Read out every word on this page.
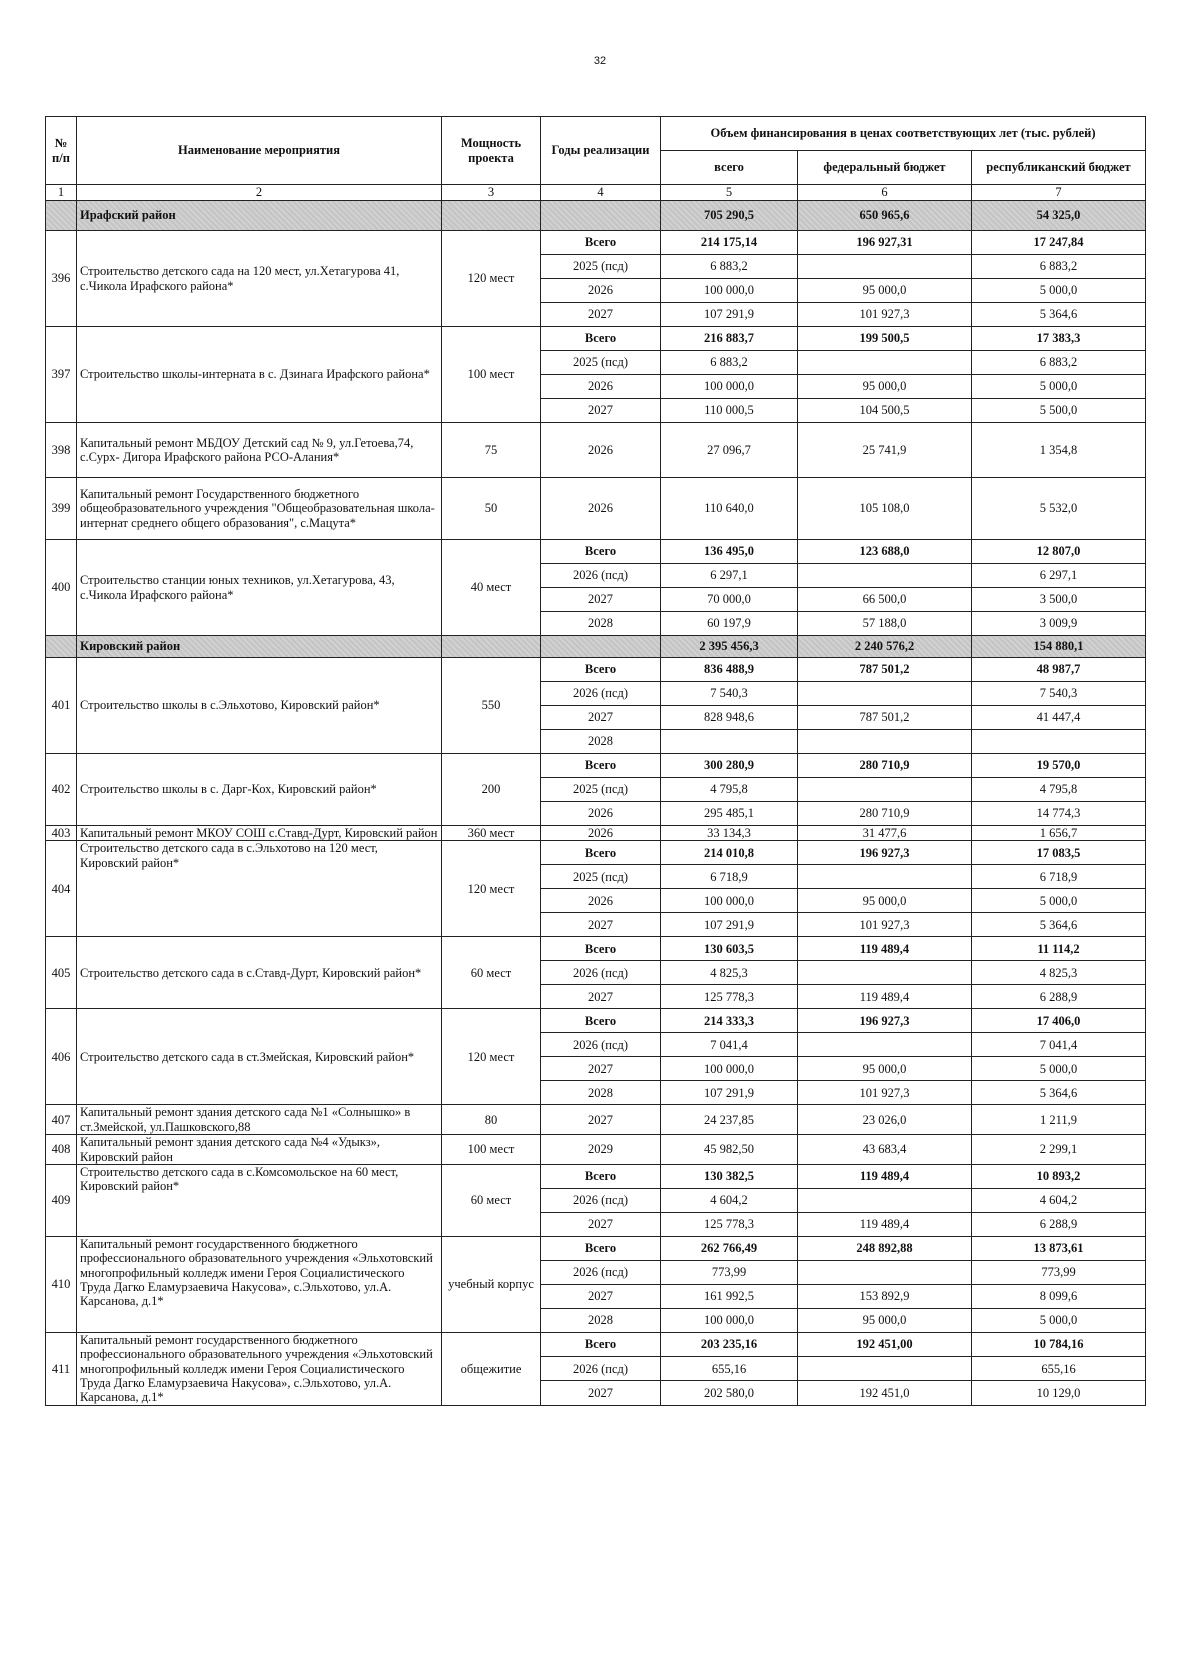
32
№ п/п	Наименование мероприятия	Мощность проекта	Годы реализации	Объем финансирования в ценах соответствующих лет (тыс. рублей)		
				всего	федеральный бюджет	республиканский бюджет
1	2	3	4	5	6	7
	Ирафский район			705 290,5	650 965,6	54 325,0
396	Строительство детского сада на 120 мест, ул.Хетагурова 41, с.Чикола Ирафского района*	120 мест	Всего	214 175,14	196 927,31	17 247,84
			2025 (псд)	6 883,2		6 883,2
			2026	100 000,0	95 000,0	5 000,0
			2027	107 291,9	101 927,3	5 364,6
397	Строительство школы-интерната в с. Дзинага Ирафского района*	100 мест	Всего	216 883,7	199 500,5	17 383,3
			2025 (псд)	6 883,2		6 883,2
			2026	100 000,0	95 000,0	5 000,0
			2027	110 000,5	104 500,5	5 500,0
398	Капитальный ремонт МБДОУ Детский сад № 9, ул.Гетоева,74, с.Сурх- Дигора Ирафского района РСО-Алания*	75	2026	27 096,7	25 741,9	1 354,8
399	Капитальный ремонт Государственного бюджетного общеобразовательного учреждения "Общеобразовательная школа-интернат среднего общего образования", с.Мацута*	50	2026	110 640,0	105 108,0	5 532,0
400	Строительство станции юных техников, ул.Хетагурова, 43, с.Чикола Ирафского района*	40 мест	Всего	136 495,0	123 688,0	12 807,0
			2026 (псд)	6 297,1		6 297,1
			2027	70 000,0	66 500,0	3 500,0
			2028	60 197,9	57 188,0	3 009,9
	Кировский район			2 395 456,3	2 240 576,2	154 880,1
401	Строительство школы в с.Эльхотово, Кировский район*	550	Всего	836 488,9	787 501,2	48 987,7
			2026 (псд)	7 540,3		7 540,3
			2027	828 948,6	787 501,2	41 447,4
			2028			
402	Строительство школы в с. Дарг-Кох, Кировский район*	200	Всего	300 280,9	280 710,9	19 570,0
			2025 (псд)	4 795,8		4 795,8
			2026	295 485,1	280 710,9	14 774,3
403	Капитальный ремонт МКОУ СОШ с.Ставд-Дурт, Кировский район	360 мест	2026	33 134,3	31 477,6	1 656,7
404	Строительство детского сада в с.Эльхотово на 120 мест, Кировский район*	120 мест	Всего	214 010,8	196 927,3	17 083,5
			2025 (псд)	6 718,9		6 718,9
			2026	100 000,0	95 000,0	5 000,0
			2027	107 291,9	101 927,3	5 364,6
405	Строительство детского сада в с.Ставд-Дурт, Кировский район*	60 мест	Всего	130 603,5	119 489,4	11 114,2
			2026 (псд)	4 825,3		4 825,3
			2027	125 778,3	119 489,4	6 288,9
406	Строительство детского сада в ст.Змейская, Кировский район*	120 мест	Всего	214 333,3	196 927,3	17 406,0
			2026 (псд)	7 041,4		7 041,4
			2027	100 000,0	95 000,0	5 000,0
			2028	107 291,9	101 927,3	5 364,6
407	Капитальный ремонт здания детского сада №1 «Солнышко» в ст.Змейской, ул.Пашковского,88	80	2027	24 237,85	23 026,0	1 211,9
408	Капитальный ремонт здания детского сада №4 «Удыкз», Кировский район	100 мест	2029	45 982,50	43 683,4	2 299,1
409	Строительство детского сада в с.Комсомольское на 60 мест, Кировский район*	60 мест	Всего	130 382,5	119 489,4	10 893,2
			2026 (псд)	4 604,2		4 604,2
			2027	125 778,3	119 489,4	6 288,9
410	Капитальный ремонт государственного бюджетного профессионального образовательного учреждения «Эльхотовский многопрофильный колледж имени Героя Социалистического Труда Дагко Еламурзаевича Накусова», с.Эльхотово, ул.А. Карсанова, д.1*	учебный корпус	Всего	262 766,49	248 892,88	13 873,61
			2026 (псд)	773,99		773,99
			2027	161 992,5	153 892,9	8 099,6
			2028	100 000,0	95 000,0	5 000,0
411	Капитальный ремонт государственного бюджетного профессионального образовательного учреждения «Эльхотовский многопрофильный колледж имени Героя Социалистического Труда Дагко Еламурзаевича Накусова», с.Эльхотово, ул.А. Карсанова, д.1*	общежитие	Всего	203 235,16	192 451,00	10 784,16
			2026 (псд)	655,16		655,16
			2027	202 580,0	192 451,0	10 129,0
